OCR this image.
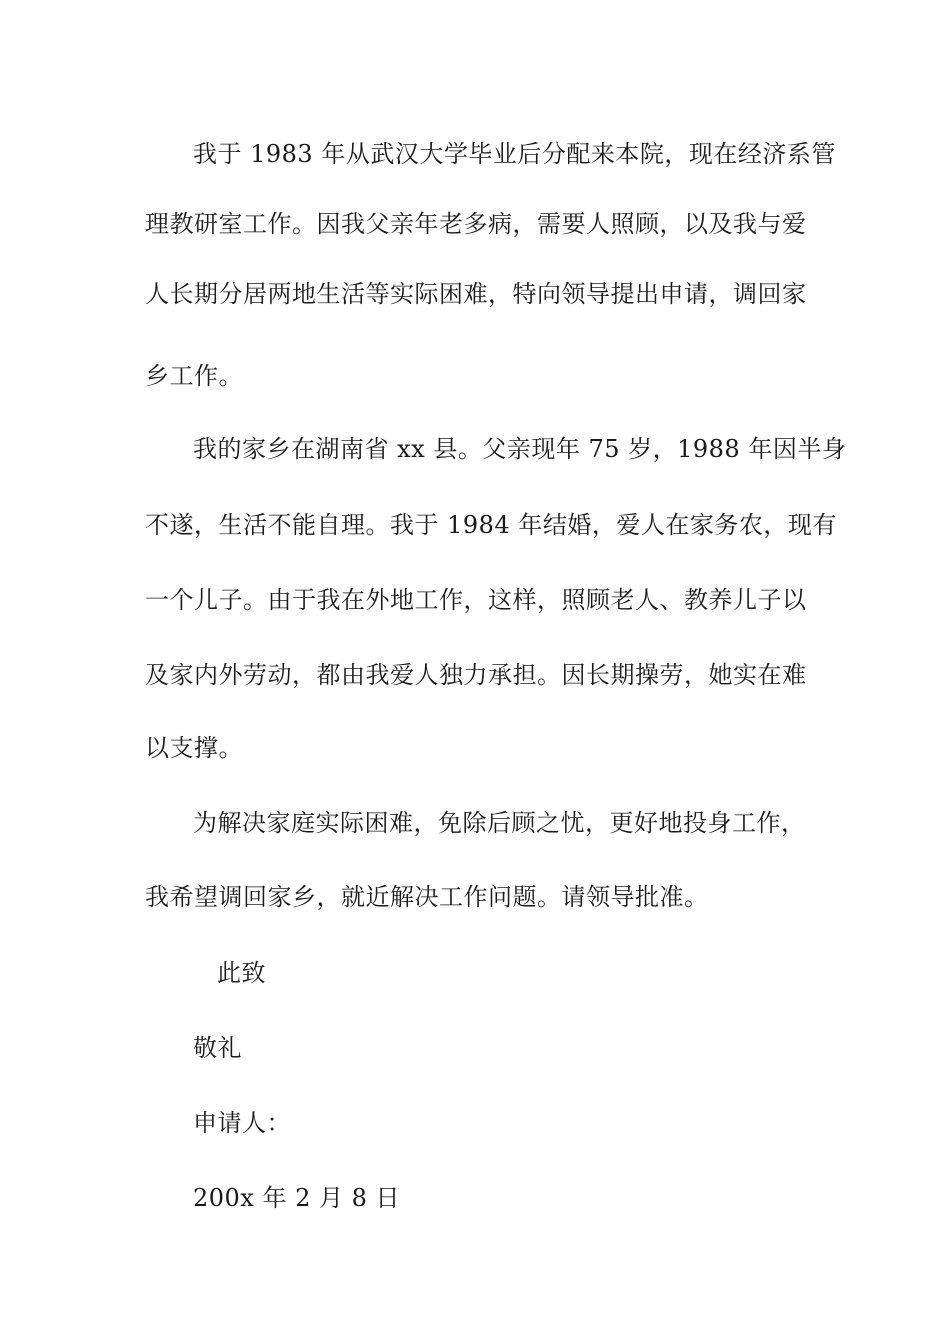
我于 1983 年从武汉大学毕业后分配来本院，现在经济系管
理教研室工作。因我父亲年老多病，需要人照顾，以及我与爱
人长期分居两地生活等实际困难，特向领导提出申请，调回家
乡工作。
我的家乡在湖南省 xx 县。父亲现年 75 岁，1988 年因半身
不遂，生活不能自理。我于 1984 年结婚，爱人在家务农，现有
一个儿子。由于我在外地工作，这样，照顾老人、教养儿子以
及家内外劳动，都由我爱人独力承担。因长期操劳，她实在难
以支撑。
为解决家庭实际困难，免除后顾之忧，更好地投身工作，
我希望调回家乡，就近解决工作问题。请领导批准。
此致
敬礼
申请人：
200x 年 2 月 8 日
